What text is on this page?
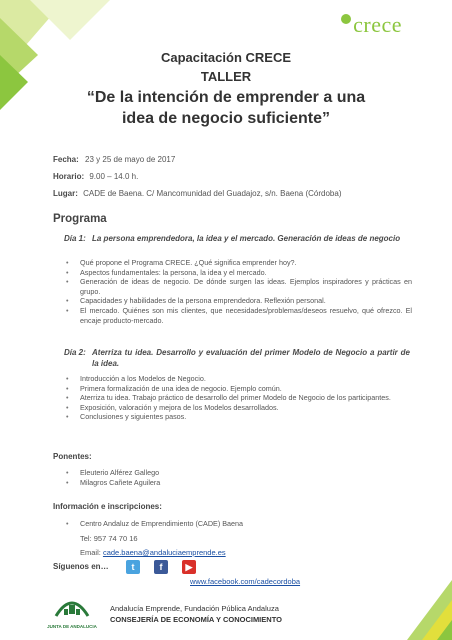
crece
Capacitación CRECE
TALLER
“De la intención de emprender a una
idea de negocio suficiente”
Fecha: 23 y 25 de mayo de 2017
Horario: 9.00 – 14.0 h.
Lugar: CADE de Baena. C/ Mancomunidad del Guadajoz, s/n. Baena (Córdoba)
Programa
Día 1: La persona emprendedora, la idea y el mercado. Generación de ideas de negocio
• Qué propone el Programa CRECE. ¿Qué significa emprender hoy?.
• Aspectos fundamentales: la persona, la idea y el mercado.
• Generación de ideas de negocio. De dónde surgen las ideas. Ejemplos inspiradores y prácticas en grupo.
• Capacidades y habilidades de la persona emprendedora. Reflexión personal.
• El mercado. Quiénes son mis clientes, que necesidades/problemas/deseos resuelvo, qué ofrezco. El encaje producto-mercado.
Día 2: Aterriza tu idea. Desarrollo y evaluación del primer Modelo de Negocio a partir de la idea.
• Introducción a los Modelos de Negocio.
• Primera formalización de una idea de negocio. Ejemplo común.
• Aterriza tu idea. Trabajo práctico de desarrollo del primer Modelo de Negocio de los participantes.
• Exposición, valoración y mejora de los Modelos desarrollados.
• Conclusiones y siguientes pasos.
Ponentes:
• Eleuterio Alférez Gallego
• Milagros Cañete Aguilera
Información e inscripciones:
• Centro Andaluz de Emprendimiento (CADE) Baena
Tel: 957 74 70 16
Email: cade.baena@andaluciaemprende.es
Síguenos en…	t	f	▶
www.facebook.com/cadecordoba
JUNTA DE ANDALUCIA
Andalucía Emprende, Fundación Pública Andaluza
CONSEJERÍA DE ECONOMÍA Y CONOCIMIENTO
